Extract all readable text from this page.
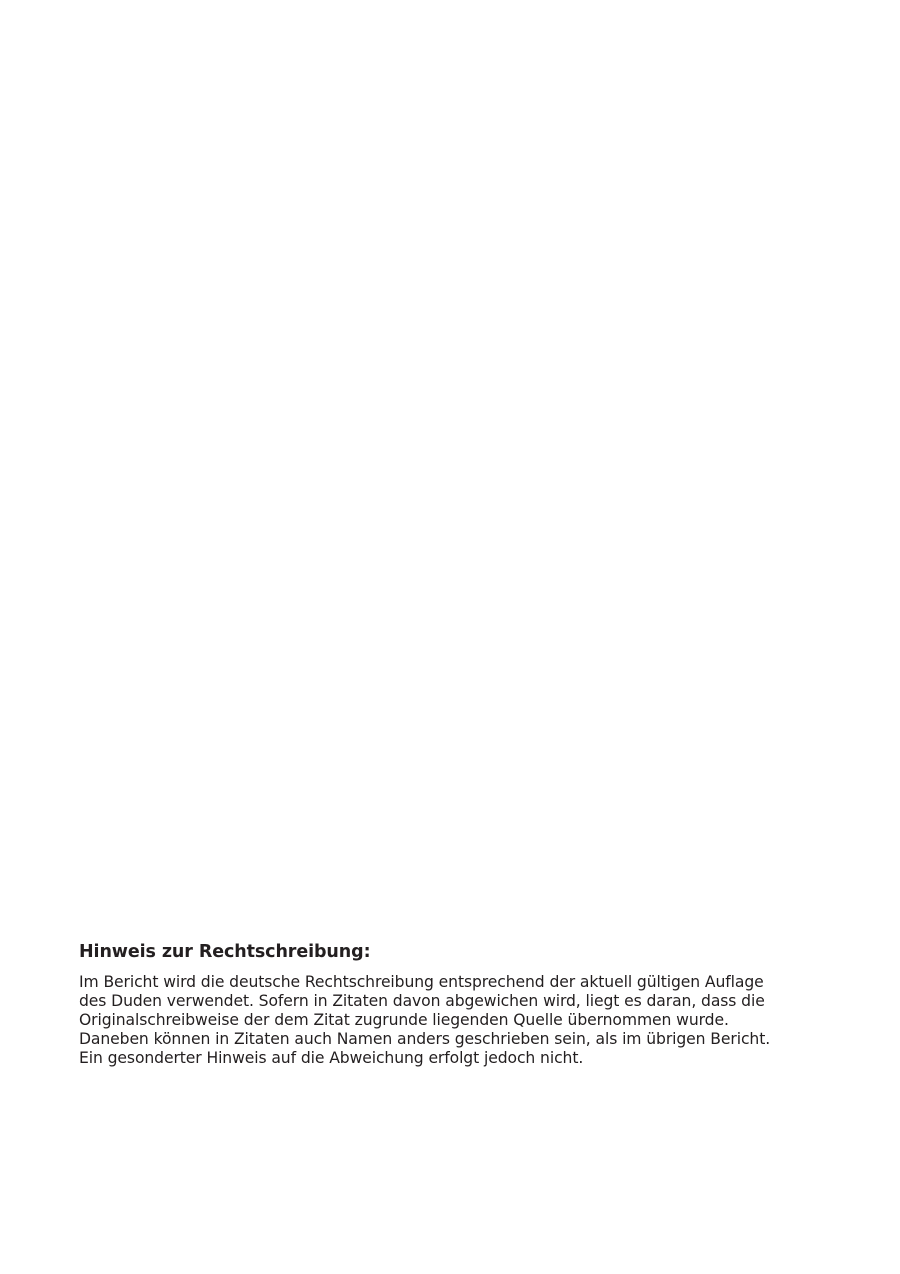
Hinweis zur Rechtschreibung:

Im Bericht wird die deutsche Rechtschreibung entsprechend der aktuell gültigen Auflage
des Duden verwendet. Sofern in Zitaten davon abgewichen wird, liegt es daran, dass die
Originalschreibweise der dem Zitat zugrunde liegenden Quelle übernommen wurde.
Daneben können in Zitaten auch Namen anders geschrieben sein, als im übrigen Bericht.
Ein gesonderter Hinweis auf die Abweichung erfolgt jedoch nicht.
